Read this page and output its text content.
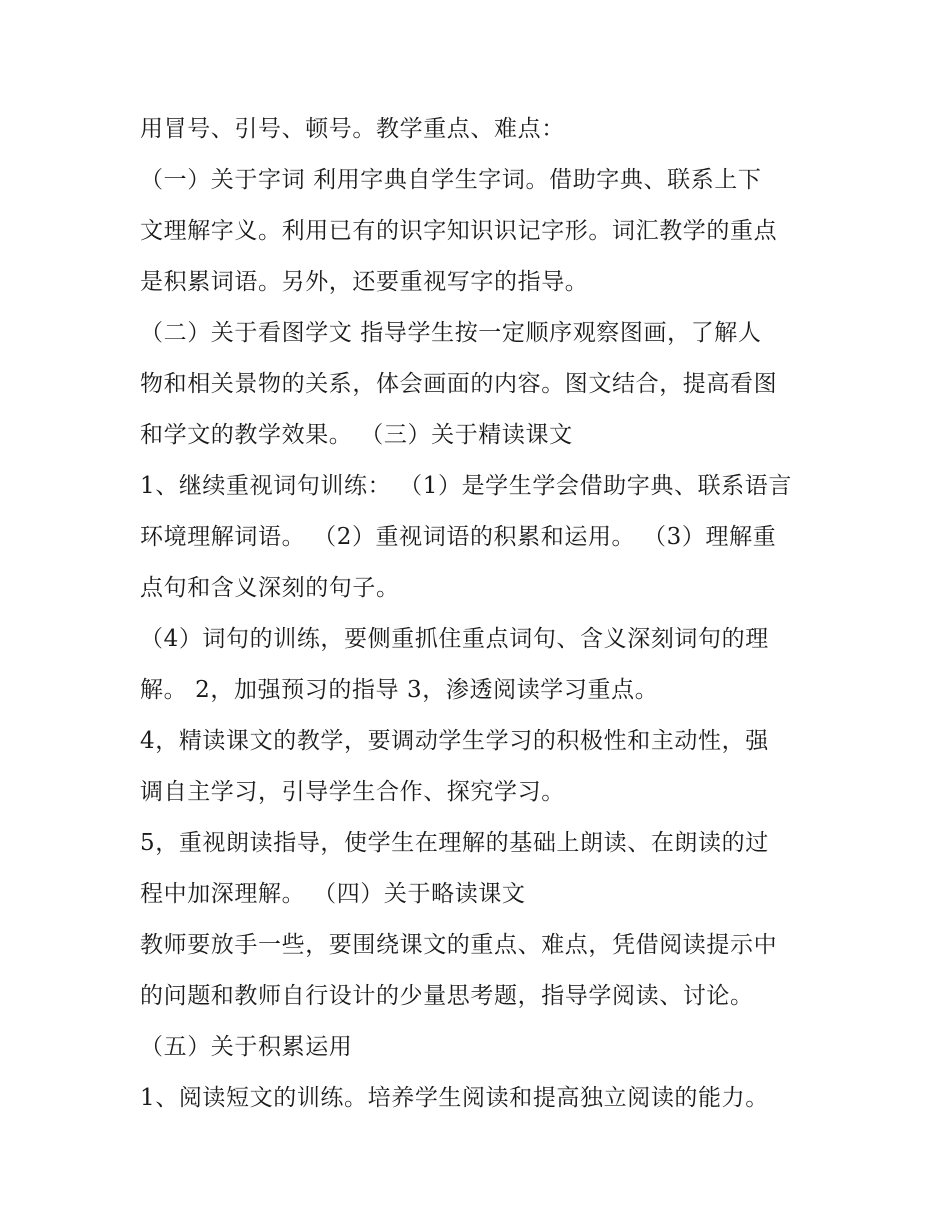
用冒号、引号、顿号。教学重点、难点：
（一）关于字词 利用字典自学生字词。借助字典、联系上下
文理解字义。利用已有的识字知识识记字形。词汇教学的重点
是积累词语。另外，还要重视写字的指导。
（二）关于看图学文 指导学生按一定顺序观察图画，了解人
物和相关景物的关系，体会画面的内容。图文结合，提高看图
和学文的教学效果。 （三）关于精读课文
1、继续重视词句训练： （1）是学生学会借助字典、联系语言
环境理解词语。 （2）重视词语的积累和运用。 （3）理解重
点句和含义深刻的句子。
（4）词句的训练，要侧重抓住重点词句、含义深刻词句的理
解。 2，加强预习的指导 3，渗透阅读学习重点。
4，精读课文的教学，要调动学生学习的积极性和主动性，强
调自主学习，引导学生合作、探究学习。
5，重视朗读指导，使学生在理解的基础上朗读、在朗读的过
程中加深理解。 （四）关于略读课文
教师要放手一些，要围绕课文的重点、难点，凭借阅读提示中
的问题和教师自行设计的少量思考题，指导学阅读、讨论。
（五）关于积累运用
1、阅读短文的训练。培养学生阅读和提高独立阅读的能力。
